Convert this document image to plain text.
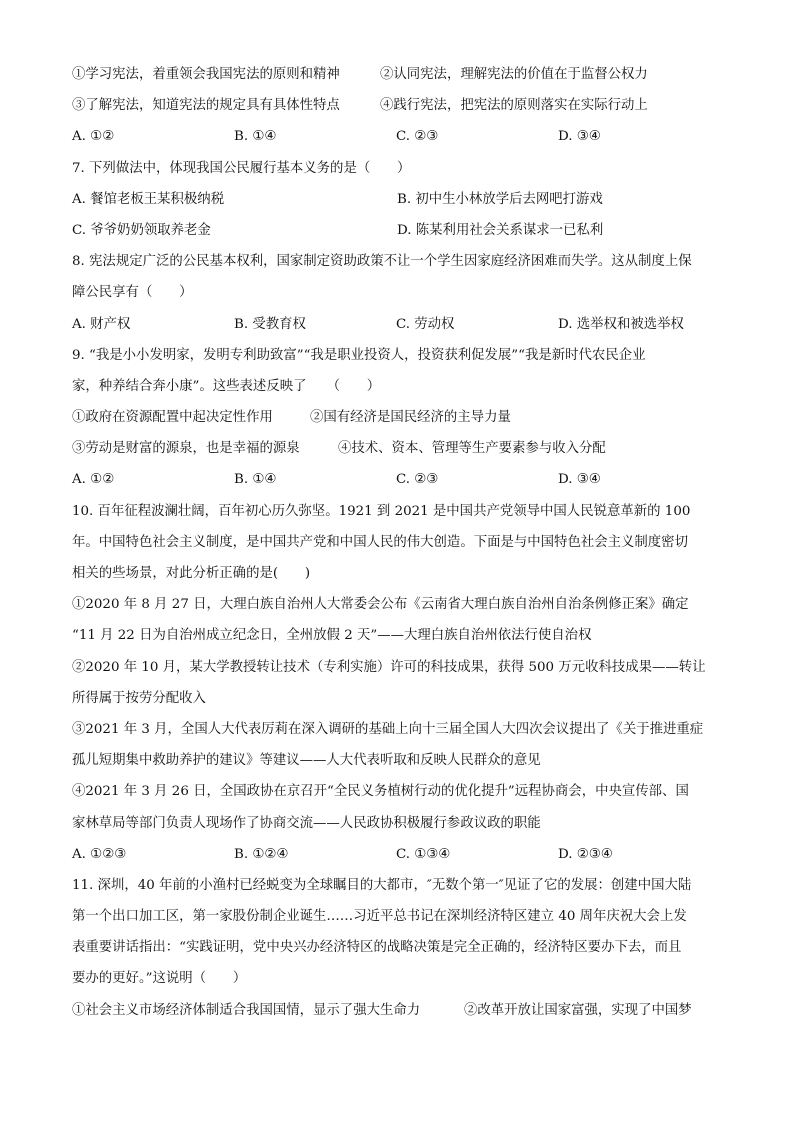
①学习宪法，着重领会我国宪法的原则和精神	②认同宪法，理解宪法的价值在于监督公权力
③了解宪法，知道宪法的规定具有具体性特点	④践行宪法，把宪法的原则落实在实际行动上
A. ①②	B. ①④	C. ②③	D. ③④
7. 下列做法中，体现我国公民履行基本义务的是（　　）
A. 餐馆老板王某积极纳税	B. 初中生小林放学后去网吧打游戏
C. 爷爷奶奶领取养老金	D. 陈某利用社会关系谋求一已私利
8. 宪法规定广泛的公民基本权利，国家制定资助政策不让一个学生因家庭经济困难而失学。这从制度上保
障公民享有（　　）
A. 财产权	B. 受教育权	C. 劳动权	D. 选举权和被选举权
9. “我是小小发明家，发明专利助致富”“我是职业投资人，投资获利促发展”“我是新时代农民企业
家，种养结合奔小康”。这些表述反映了　　（　　）
①政府在资源配置中起决定性作用	②国有经济是国民经济的主导力量
③劳动是财富的源泉，也是幸福的源泉	④技术、资本、管理等生产要素参与收入分配
A. ①②	B. ①④	C. ②③	D. ③④
10. 百年征程波澜壮阔，百年初心历久弥坚。1921 到 2021 是中国共产党领导中国人民锐意革新的 100
年。中国特色社会主义制度，是中国共产党和中国人民的伟大创造。下面是与中国特色社会主义制度密切
相关的些场景，对此分析正确的是(　　)
①2020 年 8 月 27 日，大理白族自治州人大常委会公布《云南省大理白族自治州自治条例修正案》确定
“11 月 22 日为自治州成立纪念日，全州放假 2 天”——大理白族自治州依法行使自治权
②2020 年 10 月，某大学教授转让技术（专利实施）许可的科技成果，获得 500 万元收科技成果——转让
所得属于按劳分配收入
③2021 年 3 月，全国人大代表厉莉在深入调研的基础上向十三届全国人大四次会议提出了《关于推进重症
孤儿短期集中救助养护的建议》等建议——人大代表听取和反映人民群众的意见
④2021 年 3 月 26 日，全国政协在京召开“全民义务植树行动的优化提升”远程协商会，中央宣传部、国
家林草局等部门负责人现场作了协商交流——人民政协积极履行参政议政的职能
A. ①②③	B. ①②④	C. ①③④	D. ②③④
11. 深圳，40 年前的小渔村已经蜕变为全球瞩目的大都市，″无数个第一″见证了它的发展：创建中国大陆
第一个出口加工区，第一家股份制企业诞生……习近平总书记在深圳经济特区建立 40 周年庆祝大会上发
表重要讲话指出：“实践证明，党中央兴办经济特区的战略决策是完全正确的，经济特区要办下去，而且
要办的更好。”这说明（　　）
①社会主义市场经济体制适合我国国情，显示了强大生命力	②改革开放让国家富强，实现了中国梦
